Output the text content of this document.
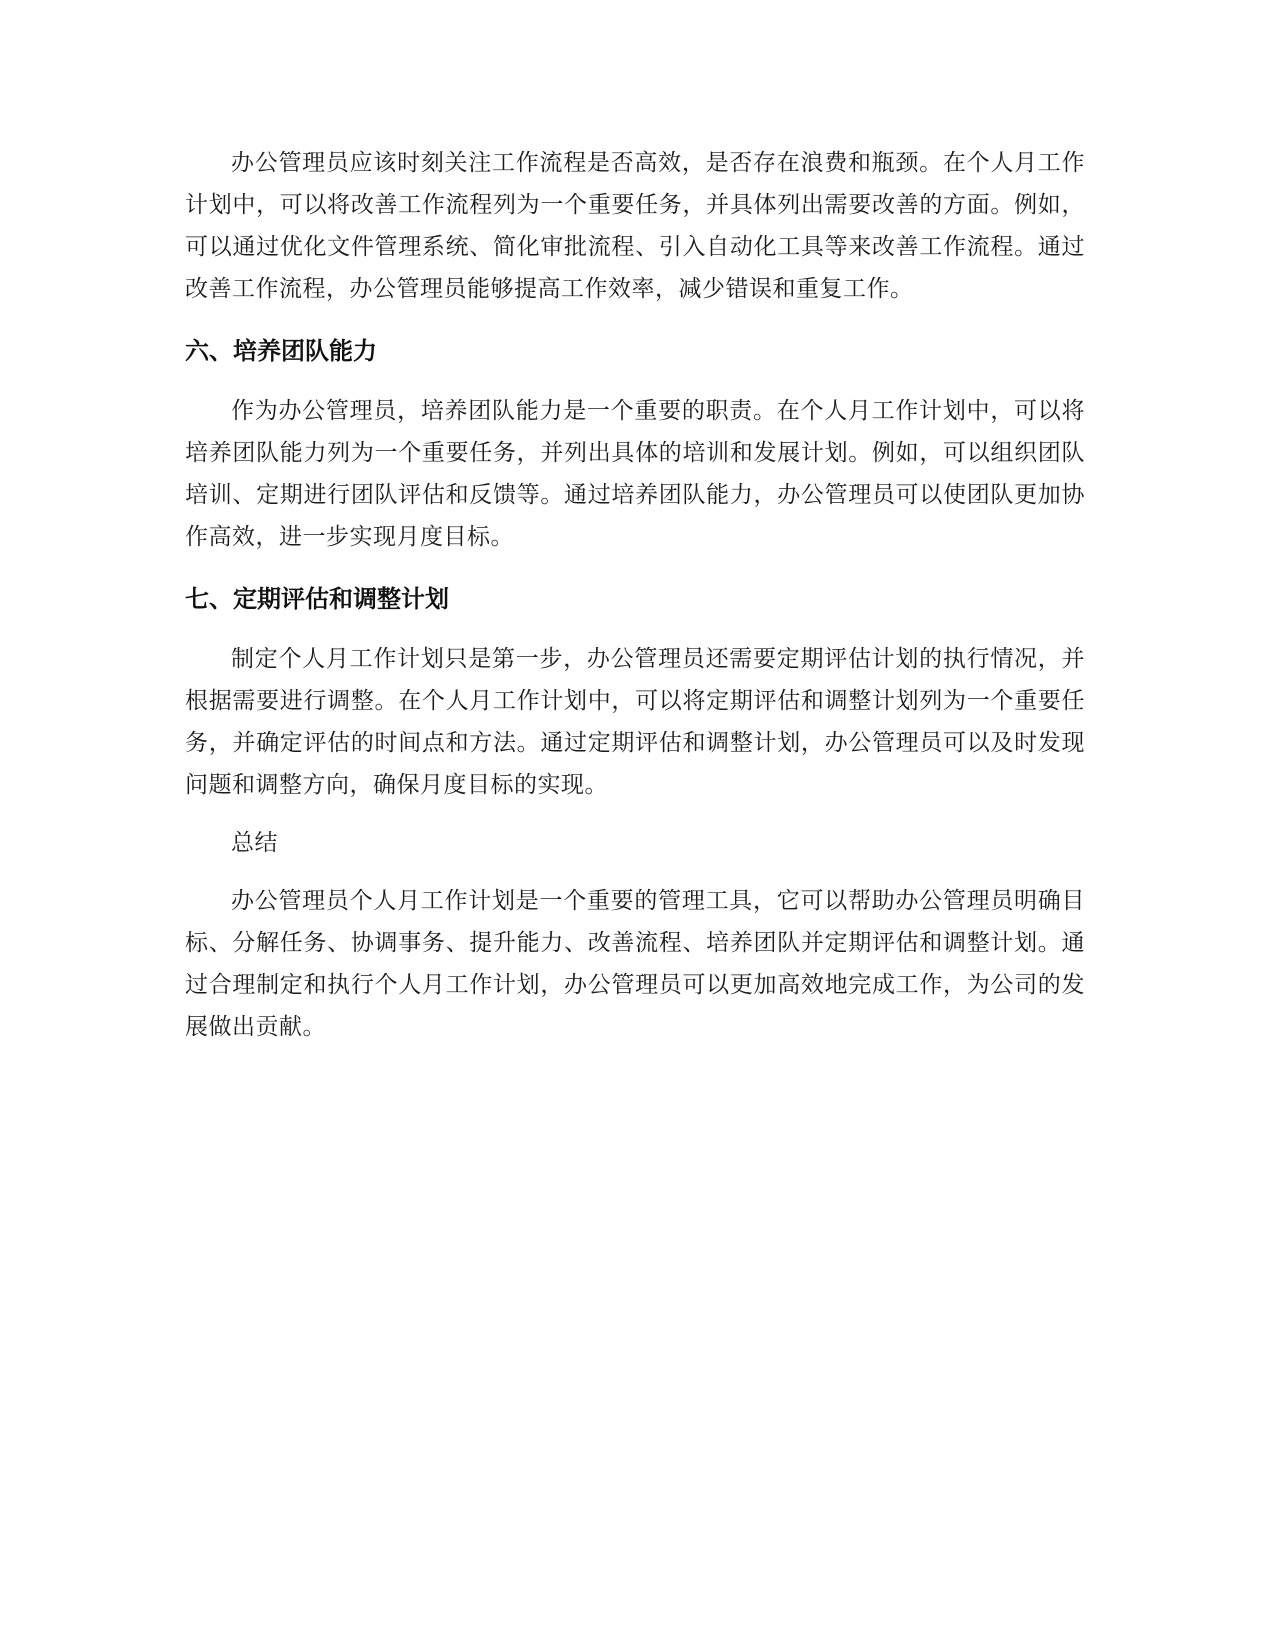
办公管理员应该时刻关注工作流程是否高效，是否存在浪费和瓶颈。在个人月工作计划中，可以将改善工作流程列为一个重要任务，并具体列出需要改善的方面。例如，可以通过优化文件管理系统、简化审批流程、引入自动化工具等来改善工作流程。通过改善工作流程，办公管理员能够提高工作效率，减少错误和重复工作。

六、培养团队能力

作为办公管理员，培养团队能力是一个重要的职责。在个人月工作计划中，可以将培养团队能力列为一个重要任务，并列出具体的培训和发展计划。例如，可以组织团队培训、定期进行团队评估和反馈等。通过培养团队能力，办公管理员可以使团队更加协作高效，进一步实现月度目标。

七、定期评估和调整计划

制定个人月工作计划只是第一步，办公管理员还需要定期评估计划的执行情况，并根据需要进行调整。在个人月工作计划中，可以将定期评估和调整计划列为一个重要任务，并确定评估的时间点和方法。通过定期评估和调整计划，办公管理员可以及时发现问题和调整方向，确保月度目标的实现。

总结

办公管理员个人月工作计划是一个重要的管理工具，它可以帮助办公管理员明确目标、分解任务、协调事务、提升能力、改善流程、培养团队并定期评估和调整计划。通过合理制定和执行个人月工作计划，办公管理员可以更加高效地完成工作，为公司的发展做出贡献。
